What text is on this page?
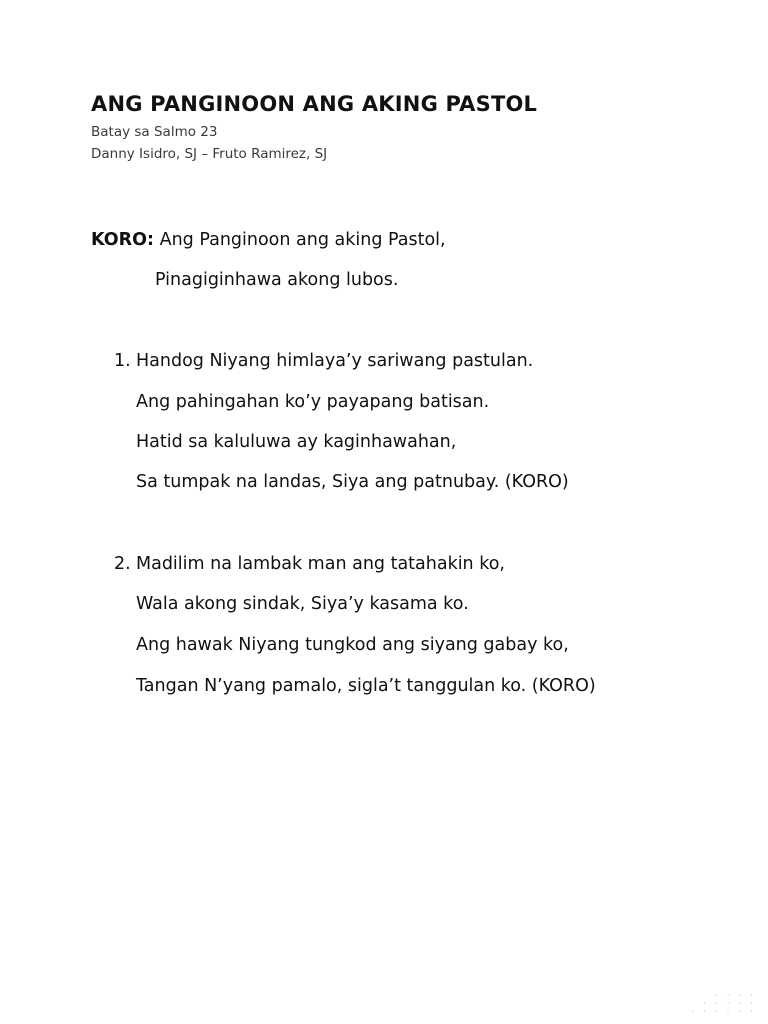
ANG PANGINOON ANG AKING PASTOL
Batay sa Salmo 23
Danny Isidro, SJ – Fruto Ramirez, SJ
KORO: Ang Panginoon ang aking Pastol,
Pinagiginhawa akong lubos.
1. Handog Niyang himlaya’y sariwang pastulan.
Ang pahingahan ko’y payapang batisan.
Hatid sa kaluluwa ay kaginhawahan,
Sa tumpak na landas, Siya ang patnubay. (KORO)
2. Madilim na lambak man ang tatahakin ko,
Wala akong sindak, Siya’y kasama ko.
Ang hawak Niyang tungkod ang siyang gabay ko,
Tangan N’yang pamalo, sigla’t tanggulan ko. (KORO)
· · · ·
· · · · ·
· · · · · ·
